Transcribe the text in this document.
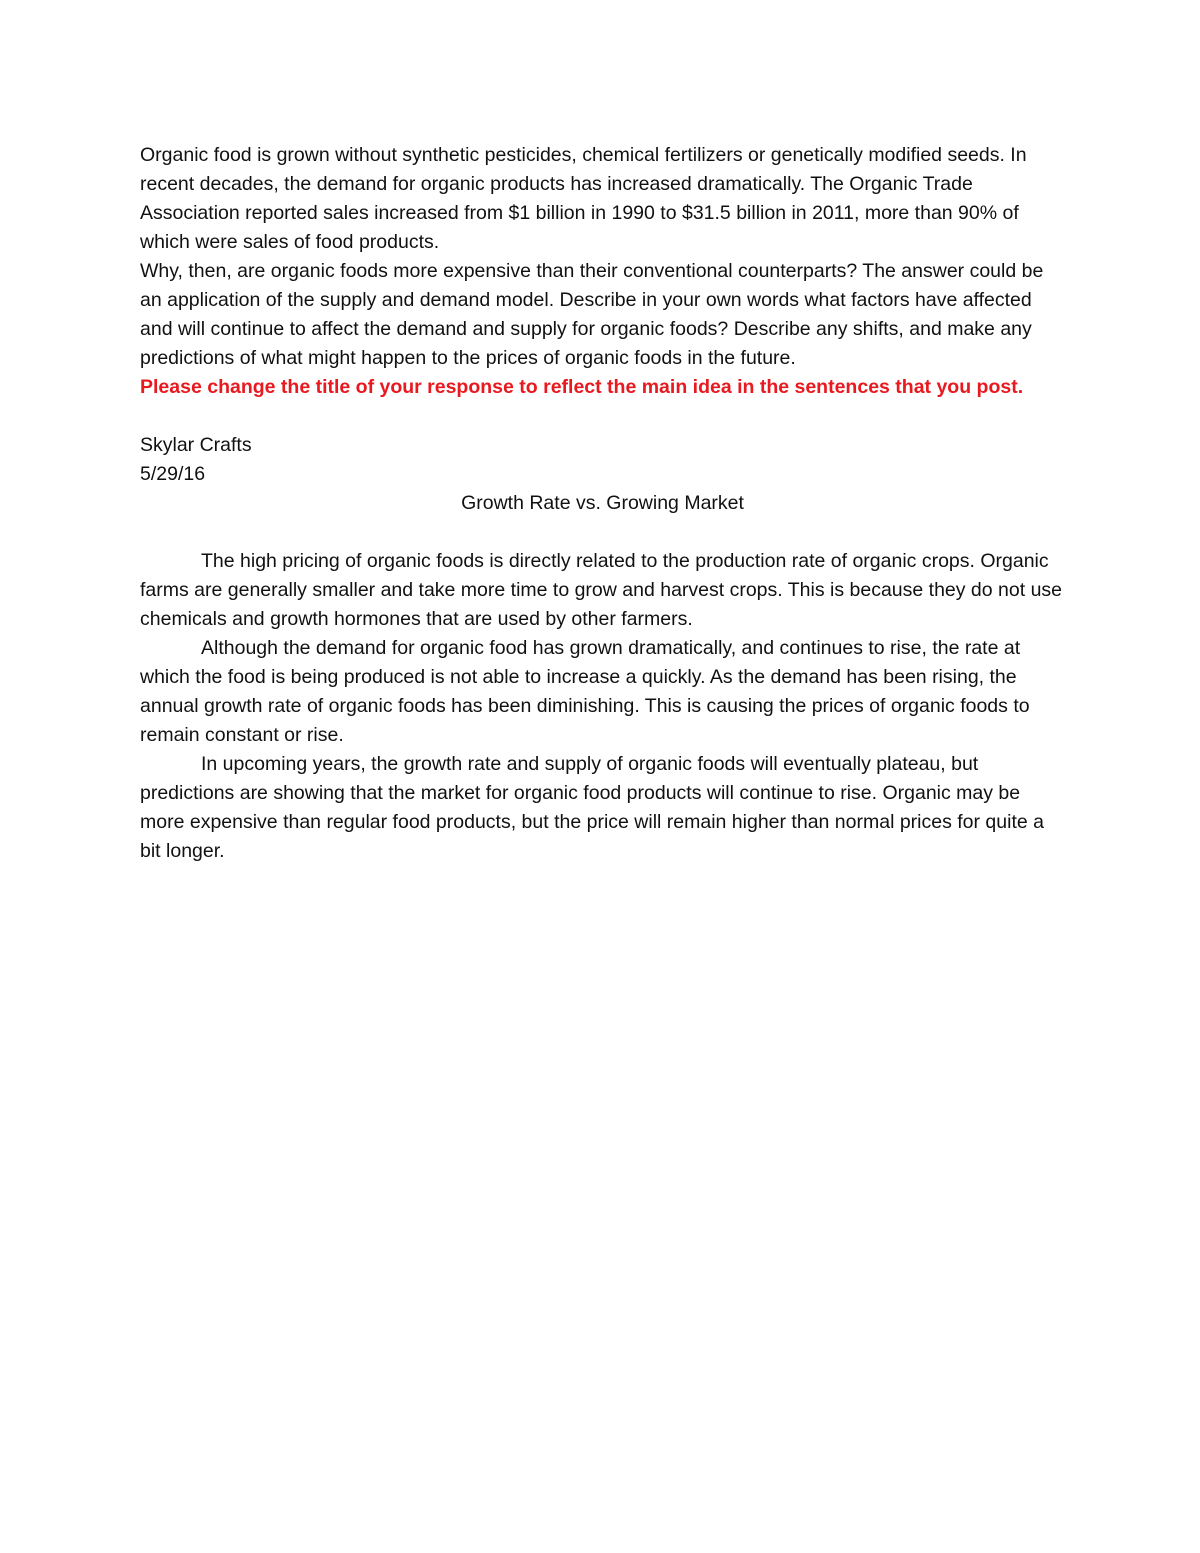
Organic food is grown without synthetic pesticides, chemical fertilizers or genetically modified seeds. In recent decades, the demand for organic products has increased dramatically. The Organic Trade Association reported sales increased from $1 billion in 1990 to $31.5 billion in 2011, more than 90% of which were sales of food products.

Why, then, are organic foods more expensive than their conventional counterparts? The answer could be an application of the supply and demand model. Describe in your own words what factors have affected and will continue to affect the demand and supply for organic foods? Describe any shifts, and make any predictions of what might happen to the prices of organic foods in the future.

Please change the title of your response to reflect the main idea in the sentences that you post.

Skylar Crafts

5/29/16

Growth Rate vs. Growing Market

The high pricing of organic foods is directly related to the production rate of organic crops. Organic farms are generally smaller and take more time to grow and harvest crops. This is because they do not use chemicals and growth hormones that are used by other farmers.

Although the demand for organic food has grown dramatically, and continues to rise, the rate at which the food is being produced is not able to increase a quickly. As the demand has been rising, the annual growth rate of organic foods has been diminishing. This is causing the prices of organic foods to remain constant or rise.

In upcoming years, the growth rate and supply of organic foods will eventually plateau, but predictions are showing that the market for organic food products will continue to rise. Organic may be more expensive than regular food products, but the price will remain higher than normal prices for quite a bit longer.
